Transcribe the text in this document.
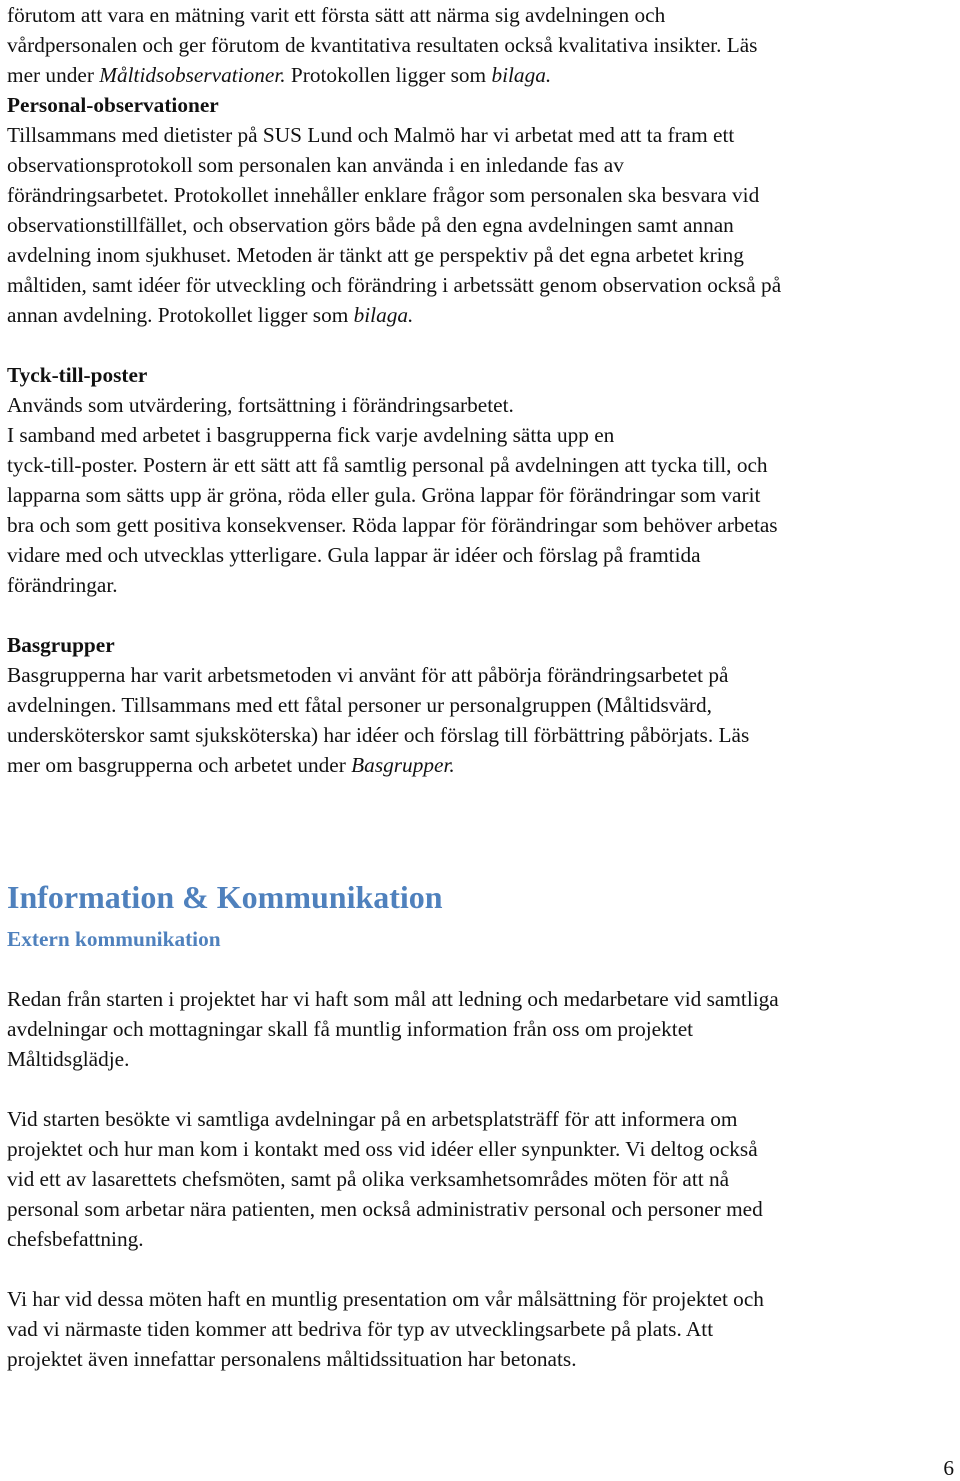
förutom att vara en mätning varit ett första sätt att närma sig avdelningen och
vårdpersonalen och ger förutom de kvantitativa resultaten också kvalitativa insikter. Läs
mer under Måltidsobservationer. Protokollen ligger som bilaga.
Personal-observationer
Tillsammans med dietister på SUS Lund och Malmö har vi arbetat med att ta fram ett
observationsprotokoll som personalen kan använda i en inledande fas av
förändringsarbetet. Protokollet innehåller enklare frågor som personalen ska besvara vid
observationstillfället, och observation görs både på den egna avdelningen samt annan
avdelning inom sjukhuset. Metoden är tänkt att ge perspektiv på det egna arbetet kring
måltiden, samt idéer för utveckling och förändring i arbetssätt genom observation också på
annan avdelning. Protokollet ligger som bilaga.
Tyck-till-poster
Används som utvärdering, fortsättning i förändringsarbetet.
I samband med arbetet i basgrupperna fick varje avdelning sätta upp en
tyck-till-poster. Postern är ett sätt att få samtlig personal på avdelningen att tycka till, och
lapparna som sätts upp är gröna, röda eller gula. Gröna lappar för förändringar som varit
bra och som gett positiva konsekvenser. Röda lappar för förändringar som behöver arbetas
vidare med och utvecklas ytterligare. Gula lappar är idéer och förslag på framtida
förändringar.
Basgrupper
Basgrupperna har varit arbetsmetoden vi använt för att påbörja förändringsarbetet på
avdelningen. Tillsammans med ett fåtal personer ur personalgruppen (Måltidsvärd,
undersköterskor samt sjuksköterska) har idéer och förslag till förbättring påbörjats. Läs
mer om basgrupperna och arbetet under Basgrupper.
Information & Kommunikation
Extern kommunikation
Redan från starten i projektet har vi haft som mål att ledning och medarbetare vid samtliga
avdelningar och mottagningar skall få muntlig information från oss om projektet
Måltidsglädje.
Vid starten besökte vi samtliga avdelningar på en arbetsplatsträff för att informera om
projektet och hur man kom i kontakt med oss vid idéer eller synpunkter. Vi deltog också
vid ett av lasarettets chefsmöten, samt på olika verksamhetsområdes möten för att nå
personal som arbetar nära patienten, men också administrativ personal och personer med
chefsbefattning.
Vi har vid dessa möten haft en muntlig presentation om vår målsättning för projektet och
vad vi närmaste tiden kommer att bedriva för typ av utvecklingsarbete på plats. Att
projektet även innefattar personalens måltidssituation har betonats.
6
